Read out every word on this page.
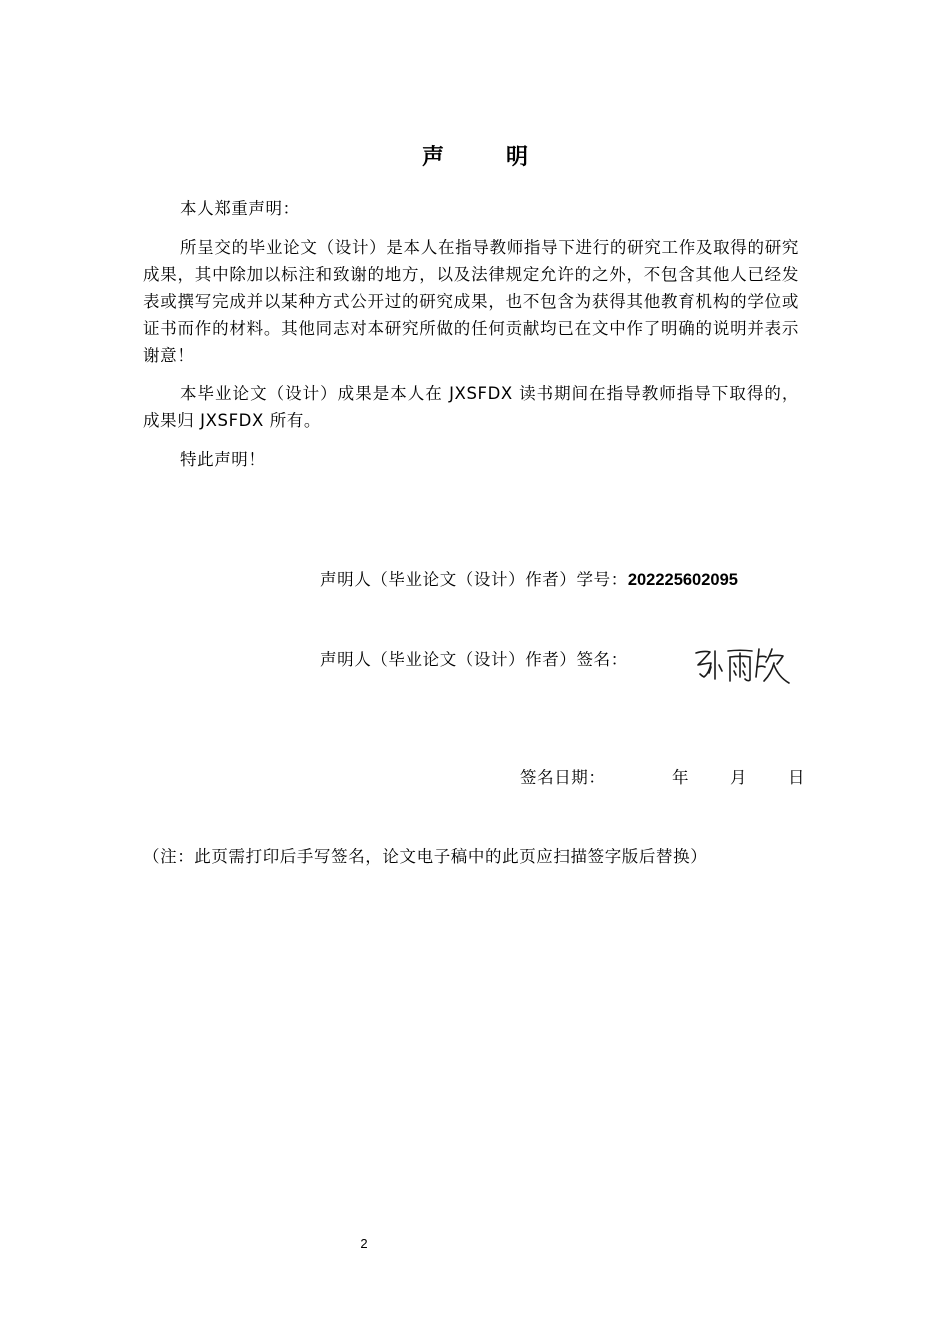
声	明

本人郑重声明：

所呈交的毕业论文（设计）是本人在指导教师指导下进行的研究工作及取得的研究成果，其中除加以标注和致谢的地方，以及法律规定允许的之外，不包含其他人已经发表或撰写完成并以某种方式公开过的研究成果，也不包含为获得其他教育机构的学位或证书而作的材料。其他同志对本研究所做的任何贡献均已在文中作了明确的说明并表示谢意！

本毕业论文（设计）成果是本人在 JXSFDX 读书期间在指导教师指导下取得的，成果归 JXSFDX 所有。

特此声明！

声明人（毕业论文（设计）作者）学号：202225602095
声明人（毕业论文（设计）作者）签名：
签名日期：	年 月 日
（注：此页需打印后手写签名，论文电子稿中的此页应扫描签字版后替换）
2
